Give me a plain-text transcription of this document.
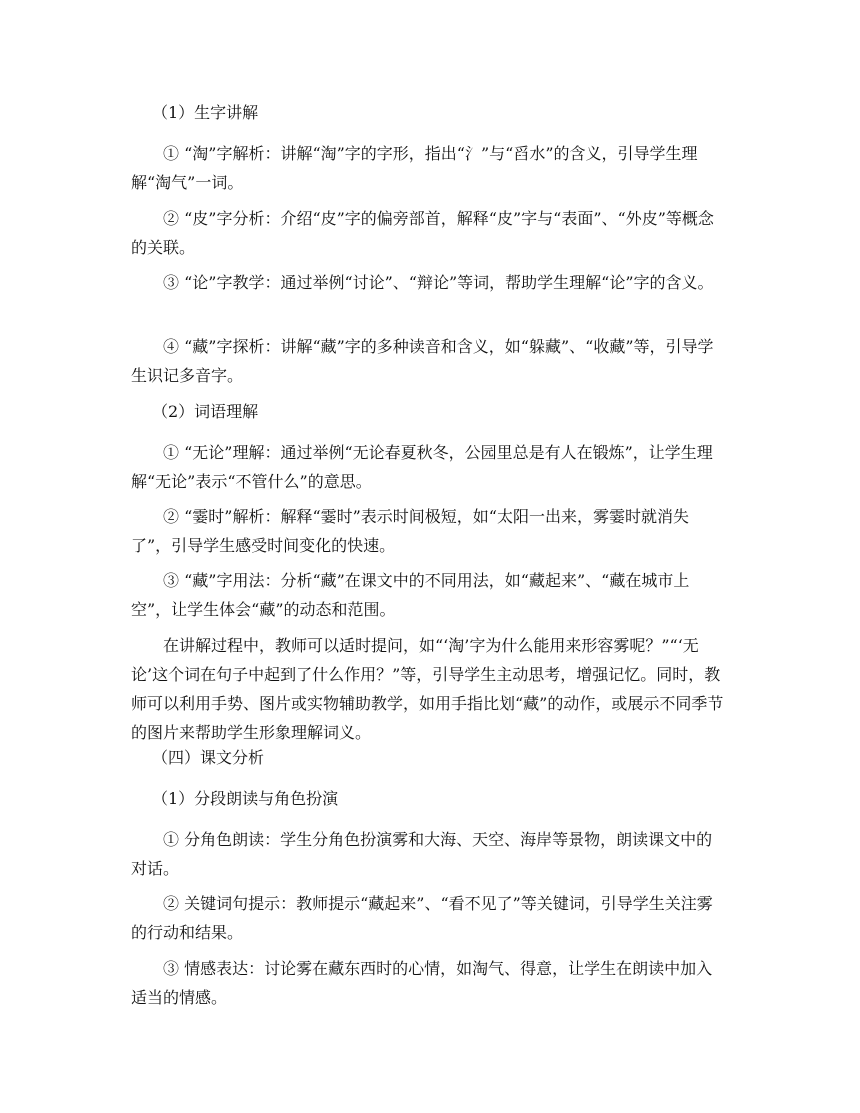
（1）生字讲解
① “淘”字解析：讲解“淘”字的字形，指出“氵”与“舀水”的含义，引导学生理解“淘气”一词。
② “皮”字分析：介绍“皮”字的偏旁部首，解释“皮”字与“表面”、“外皮”等概念的关联。
③ “论”字教学：通过举例“讨论”、“辩论”等词，帮助学生理解“论”字的含义。
④ “藏”字探析：讲解“藏”字的多种读音和含义，如“躲藏”、“收藏”等，引导学生识记多音字。
（2）词语理解
① “无论”理解：通过举例“无论春夏秋冬，公园里总是有人在锻炼”，让学生理解“无论”表示“不管什么”的意思。
② “霎时”解析：解释“霎时”表示时间极短，如“太阳一出来，雾霎时就消失了”，引导学生感受时间变化的快速。
③ “藏”字用法：分析“藏”在课文中的不同用法，如“藏起来”、“藏在城市上空”，让学生体会“藏”的动态和范围。
在讲解过程中，教师可以适时提问，如“‘淘’字为什么能用来形容雾呢？”“‘无论’这个词在句子中起到了什么作用？”等，引导学生主动思考，增强记忆。同时，教师可以利用手势、图片或实物辅助教学，如用手指比划“藏”的动作，或展示不同季节的图片来帮助学生形象理解词义。
（四）课文分析
（1）分段朗读与角色扮演
① 分角色朗读：学生分角色扮演雾和大海、天空、海岸等景物，朗读课文中的对话。
② 关键词句提示：教师提示“藏起来”、“看不见了”等关键词，引导学生关注雾的行动和结果。
③ 情感表达：讨论雾在藏东西时的心情，如淘气、得意，让学生在朗读中加入适当的情感。
